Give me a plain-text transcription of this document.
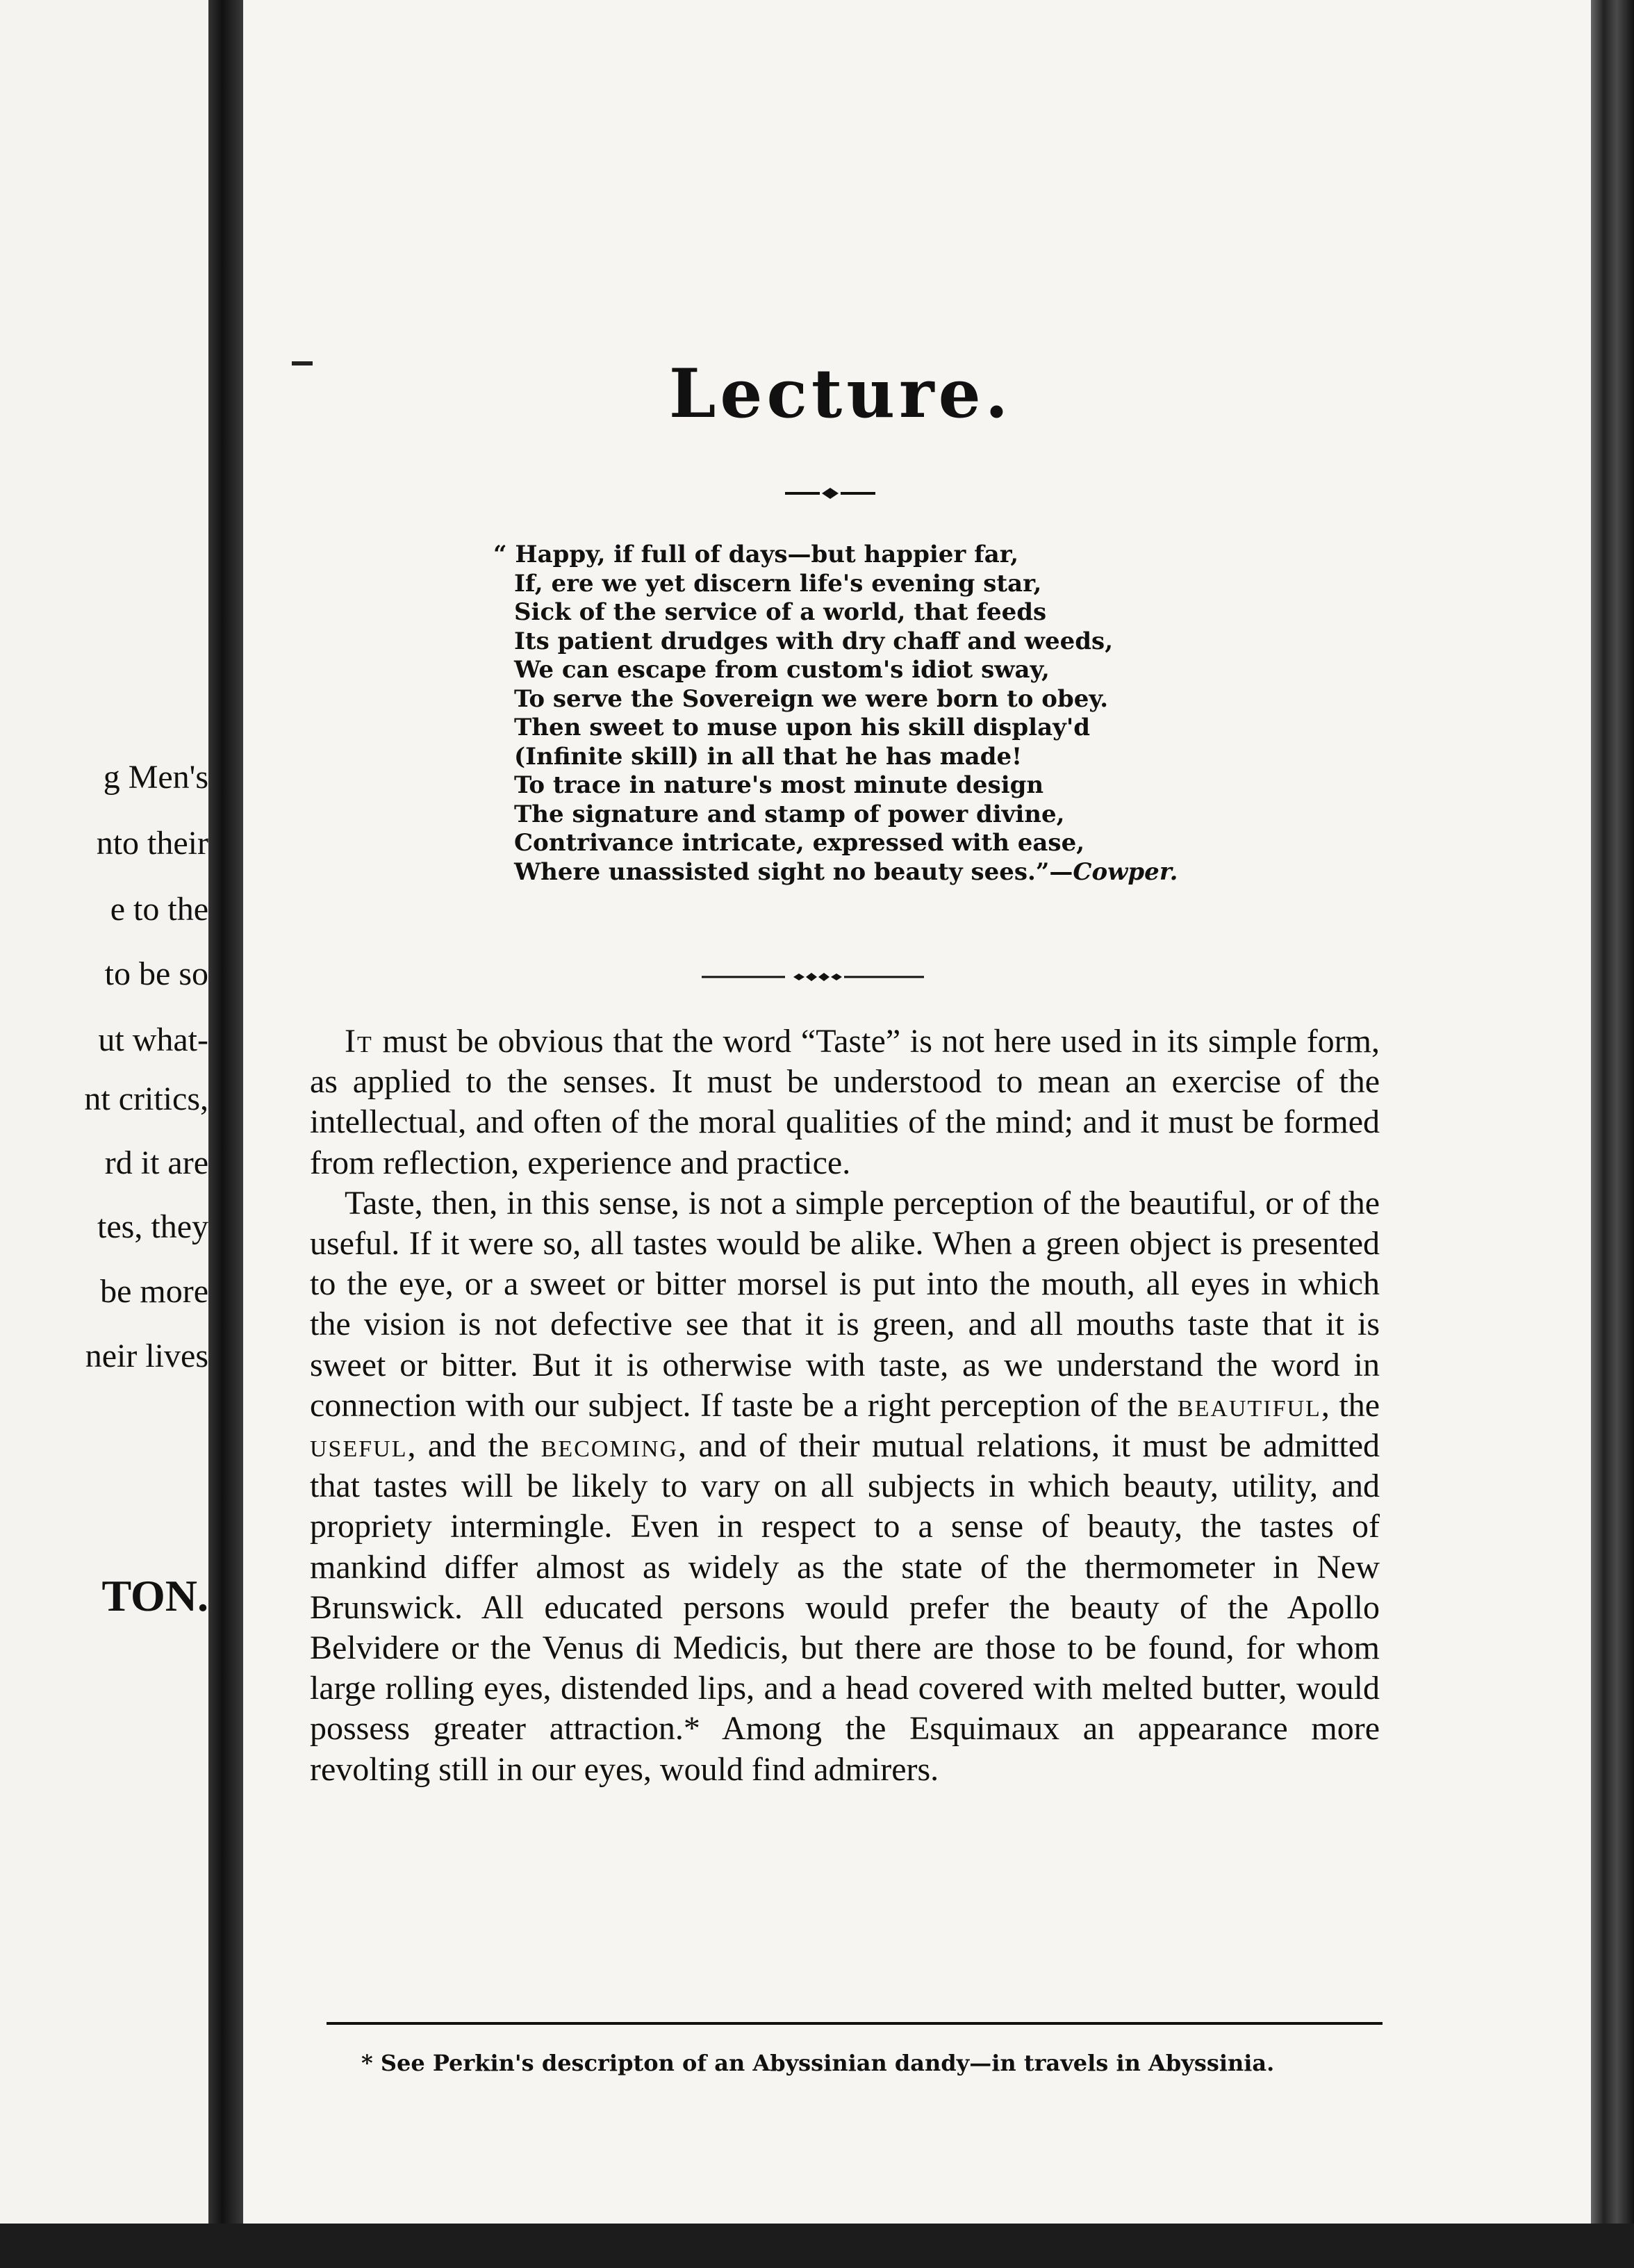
g Men's
nto their
e to the
to be so
ut what-
nt critics,
rd it are
tes, they
be more
neir lives
TON.
Lecture.
“ Happy, if full of days—but happier far,
If, ere we yet discern life's evening star,
Sick of the service of a world, that feeds
Its patient drudges with dry chaff and weeds,
We can escape from custom's idiot sway,
To serve the Sovereign we were born to obey.
Then sweet to muse upon his skill display'd
(Infinite skill) in all that he has made!
To trace in nature's most minute design
The signature and stamp of power divine,
Contrivance intricate, expressed with ease,
Where unassisted sight no beauty sees.”—Cowper.

It must be obvious that the word “Taste” is not here used in its simple form, as applied to the senses. It must be understood to mean an exercise of the intellectual, and often of the moral qualities of the mind; and it must be formed from reflection, experience and practice.

Taste, then, in this sense, is not a simple perception of the beautiful, or of the useful. If it were so, all tastes would be alike. When a green object is presented to the eye, or a sweet or bitter morsel is put into the mouth, all eyes in which the vision is not defective see that it is green, and all mouths taste that it is sweet or bitter. But it is otherwise with taste, as we understand the word in connection with our subject. If taste be a right perception of the beautiful, the useful, and the becoming, and of their mutual relations, it must be admitted that tastes will be likely to vary on all subjects in which beauty, utility, and propriety intermingle. Even in respect to a sense of beauty, the tastes of mankind differ almost as widely as the state of the thermometer in New Brunswick. All educated persons would prefer the beauty of the Apollo Belvidere or the Venus di Medicis, but there are those to be found, for whom large rolling eyes, distended lips, and a head covered with melted butter, would possess greater attraction.* Among the Esquimaux an appearance more revolting still in our eyes, would find admirers.

* See Perkin's descripton of an Abyssinian dandy—in travels in Abyssinia.
